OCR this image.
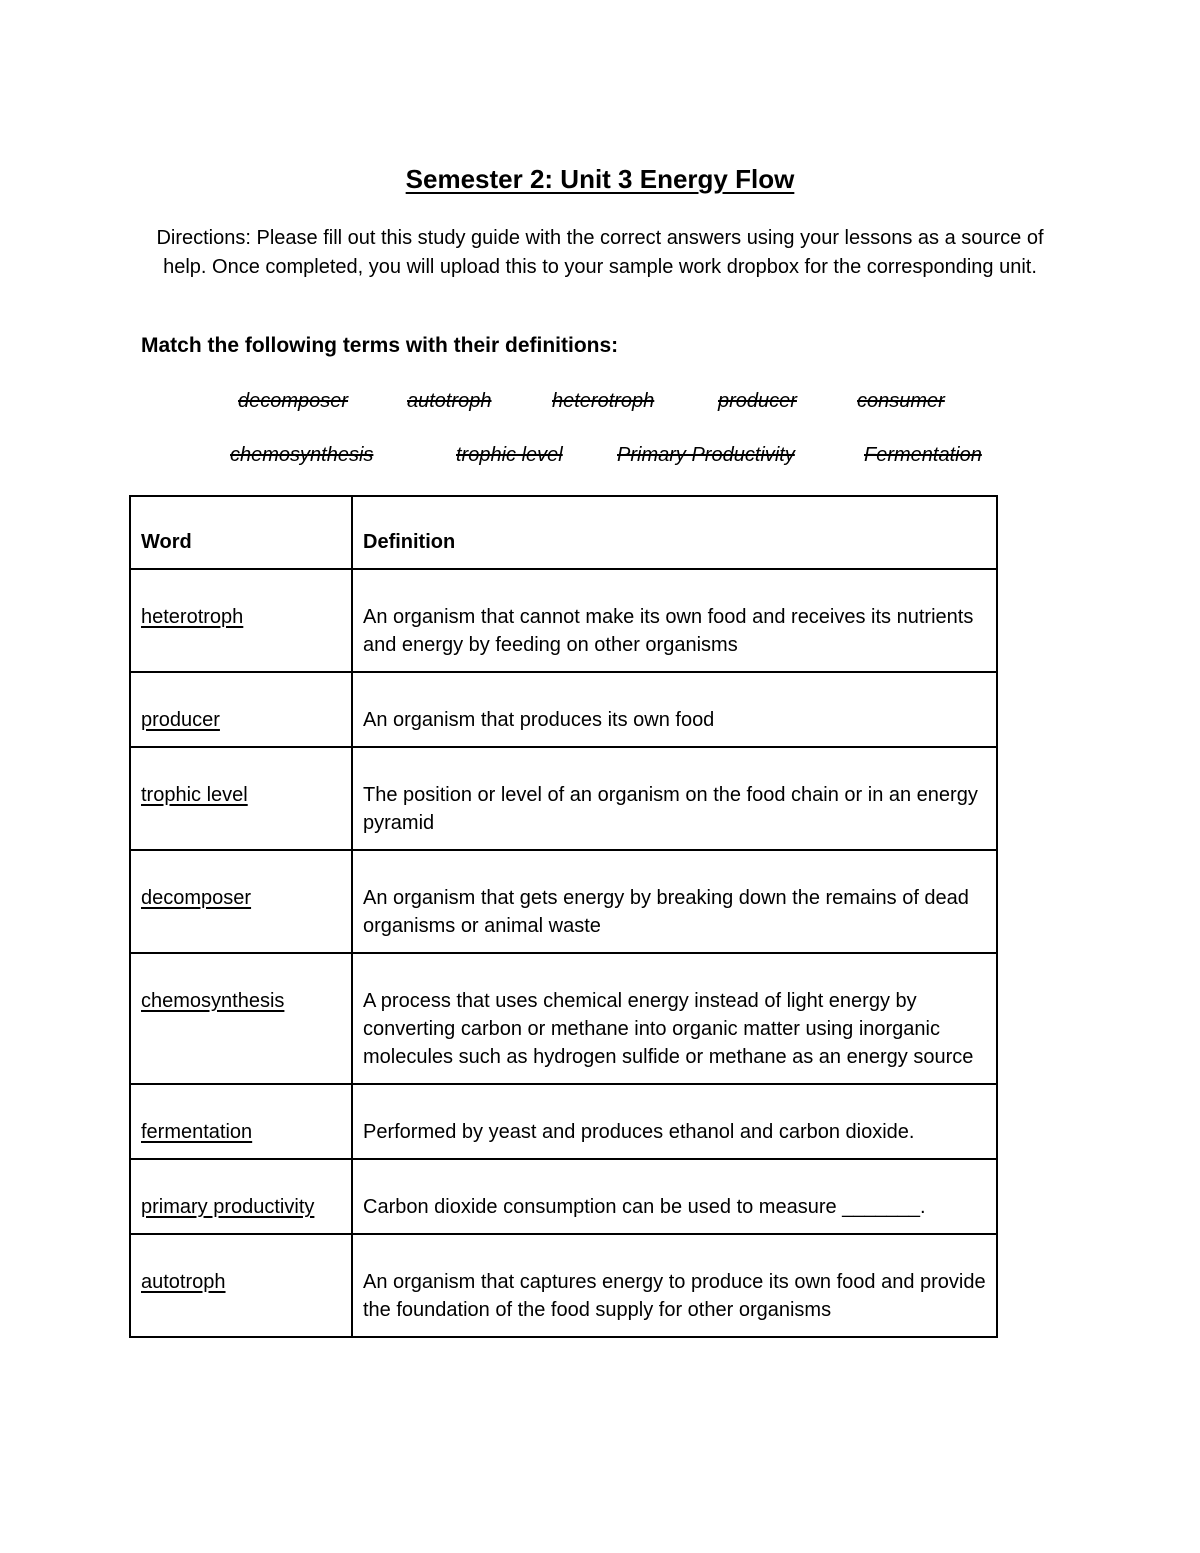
Semester 2: Unit 3 Energy Flow

Directions: Please fill out this study guide with the correct answers using your lessons as a source of help. Once completed, you will upload this to your sample work dropbox for the corresponding unit.

Match the following terms with their definitions:

decomposer	autotroph	heterotroph	producer	consumer
chemosynthesis	trophic level	Primary Productivity	Fermentation
Word	Definition
heterotroph	An organism that cannot make its own food and receives its nutrients and energy by feeding on other organisms
producer	An organism that produces its own food
trophic level	The position or level of an organism on the food chain or in an energy pyramid
decomposer	An organism that gets energy by breaking down the remains of dead organisms or animal waste
chemosynthesis	A process that uses chemical energy instead of light energy by converting carbon or methane into organic matter using inorganic molecules such as hydrogen sulfide or methane as an energy source
fermentation	Performed by yeast and produces ethanol and carbon dioxide.
primary productivity	Carbon dioxide consumption can be used to measure _______.
autotroph	An organism that captures energy to produce its own food and provide the foundation of the food supply for other organisms
